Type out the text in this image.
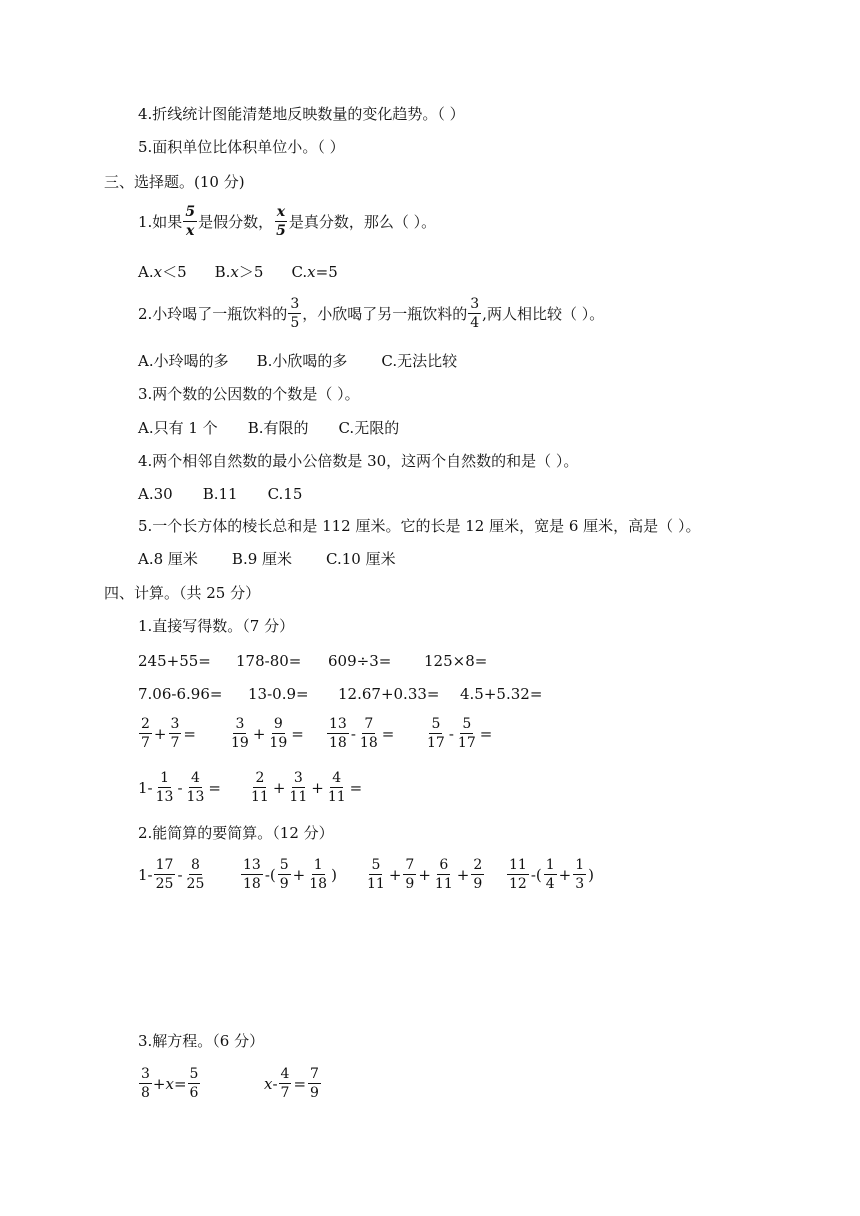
4.折线统计图能清楚地反映数量的变化趋势。（ ）
5.面积单位比体积单位小。（ ）
三、选择题。(10 分)
1.如果 $\frac{5}{x}$ 是假分数， $\frac{x}{5}$ 是真分数，那么（ ）。
A.x＜5 B.x＞5 C.x=5
2.小玲喝了一瓶饮料的 $\frac{3}{5}$ ，小欣喝了另一瓶饮料的 $\frac{3}{4}$ ,两人相比较（ ）。
A.小玲喝的多 B.小欣喝的多 C.无法比较
3.两个数的公因数的个数是（ ）。
A.只有 1 个 B.有限的 C.无限的
4.两个相邻自然数的最小公倍数是 30，这两个自然数的和是（ ）。
A.30 B.11 C.15
5.一个长方体的棱长总和是 112 厘米。它的长是 12 厘米，宽是 6 厘米，高是（ ）。
A.8 厘米 B.9 厘米 C.10 厘米
四、计算。（共 25 分）
1.直接写得数。（7 分）
245+55= 178-80= 609÷3= 125×8=
7.06-6.96= 13-0.9= 12.67+0.33= 4.5+5.32=
$\frac{2}{7} + \frac{3}{7} = \frac{3}{19} + \frac{9}{19} = \frac{13}{18} - \frac{7}{18} = \frac{5}{17} - \frac{5}{17}$ =
$1- \frac{1}{13} - \frac{4}{13} = \frac{2}{11} + \frac{3}{11} + \frac{4}{11}$ =
2.能简算的要简算。（12 分）
$1- \frac{17}{25} - \frac{8}{25} \frac{13}{18}$ -( $\frac{5}{9} + \frac{1}{18}$ ) $\frac{5}{11} + \frac{7}{9} + \frac{6}{11} + \frac{2}{9} \frac{11}{12}$ -( $\frac{1}{4} + \frac{1}{3}$ )
3.解方程。（6 分）
$\frac{3}{8} + x = \frac{5}{6}$	$x - \frac{4}{7} = \frac{7}{9}$
